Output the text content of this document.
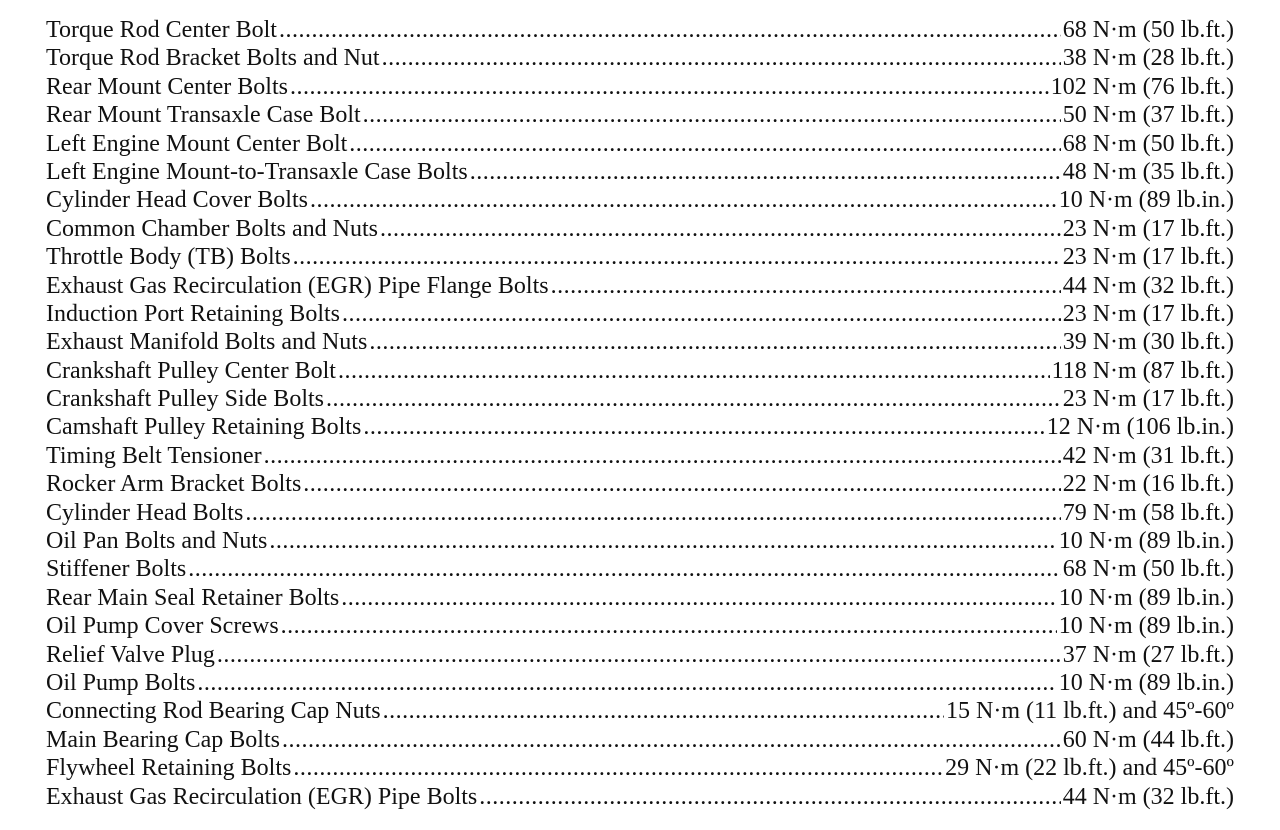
Torque Rod Center Bolt .....	68 N·m (50 lb.ft.)
Torque Rod Bracket Bolts and Nut .....	38 N·m (28 lb.ft.)
Rear Mount Center Bolts .....	102 N·m (76 lb.ft.)
Rear Mount Transaxle Case Bolt .....	50 N·m (37 lb.ft.)
Left Engine Mount Center Bolt .....	68 N·m (50 lb.ft.)
Left Engine Mount-to-Transaxle Case Bolts .....	48 N·m (35 lb.ft.)
Cylinder Head Cover Bolts .....	10 N·m (89 lb.in.)
Common Chamber Bolts and Nuts .....	23 N·m (17 lb.ft.)
Throttle Body (TB) Bolts .....	23 N·m (17 lb.ft.)
Exhaust Gas Recirculation (EGR) Pipe Flange Bolts .....	44 N·m (32 lb.ft.)
Induction Port Retaining Bolts .....	23 N·m (17 lb.ft.)
Exhaust Manifold Bolts and Nuts .....	39 N·m (30 lb.ft.)
Crankshaft Pulley Center Bolt .....	118 N·m (87 lb.ft.)
Crankshaft Pulley Side Bolts .....	23 N·m (17 lb.ft.)
Camshaft Pulley Retaining Bolts .....	12 N·m (106 lb.in.)
Timing Belt Tensioner .....	42 N·m (31 lb.ft.)
Rocker Arm Bracket Bolts .....	22 N·m (16 lb.ft.)
Cylinder Head Bolts .....	79 N·m (58 lb.ft.)
Oil Pan Bolts and Nuts .....	10 N·m (89 lb.in.)
Stiffener Bolts .....	68 N·m (50 lb.ft.)
Rear Main Seal Retainer Bolts .....	10 N·m (89 lb.in.)
Oil Pump Cover Screws .....	10 N·m (89 lb.in.)
Relief Valve Plug .....	37 N·m (27 lb.ft.)
Oil Pump Bolts .....	10 N·m (89 lb.in.)
Connecting Rod Bearing Cap Nuts .....	15 N·m (11 lb.ft.) and 45º-60º
Main Bearing Cap Bolts .....	60 N·m (44 lb.ft.)
Flywheel Retaining Bolts .....	29 N·m (22 lb.ft.) and 45º-60º
Exhaust Gas Recirculation (EGR) Pipe Bolts .....	44 N·m (32 lb.ft.)
